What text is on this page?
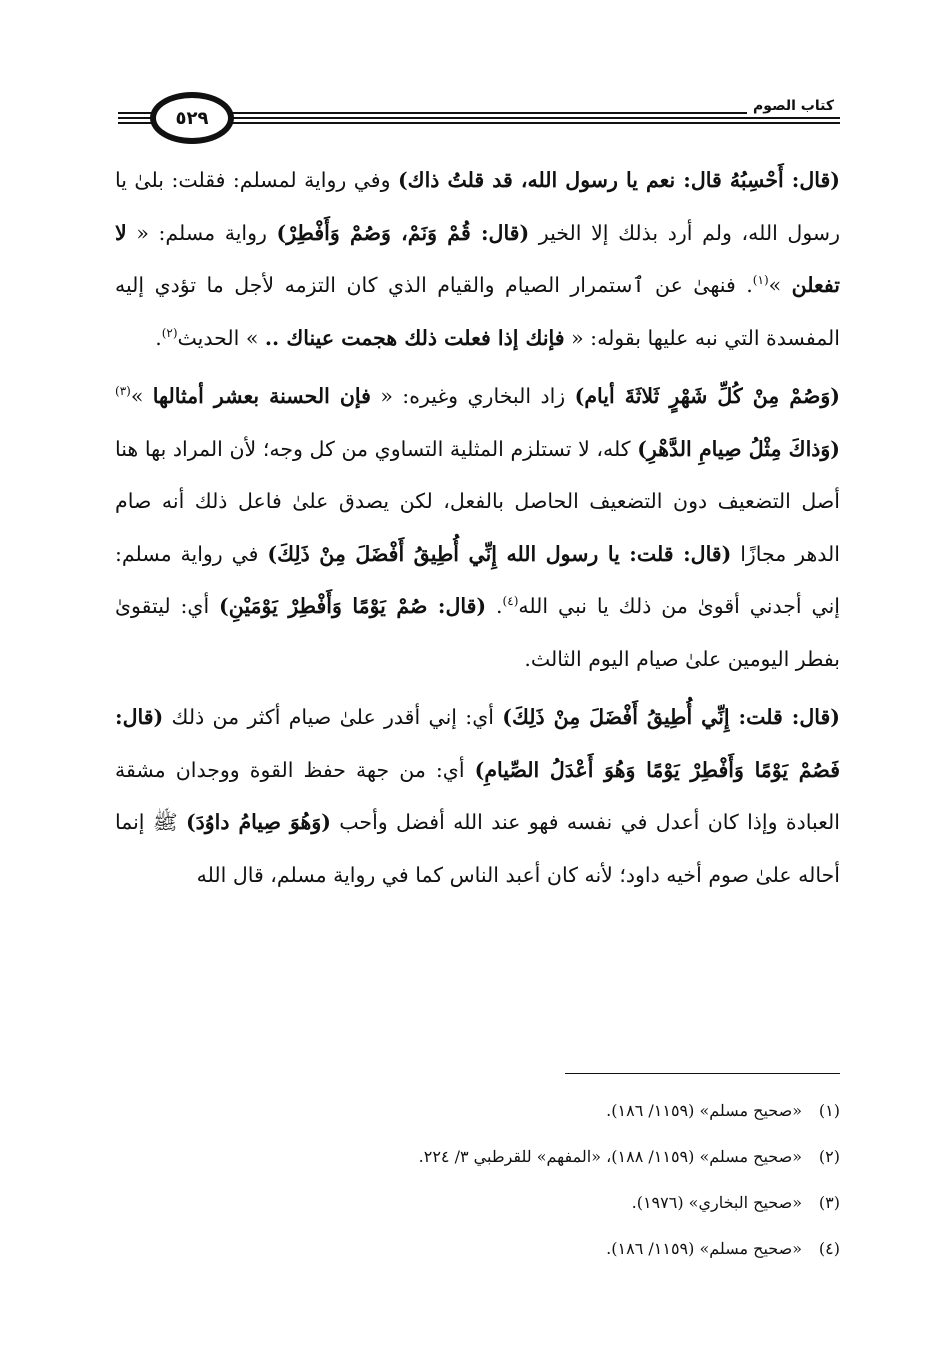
٥٢٩
كتاب الصوم

(قال: أَحْسِبُهُ قال: نعم يا رسول الله، قد قلتُ ذاك) وفي رواية لمسلم: فقلت: بلىٰ يا رسول الله، ولم أرد بذلك إلا الخير (قال: قُمْ وَنَمْ، وَصُمْ وَأَفْطِرْ) رواية مسلم: « لا تفعلن »$^{(١)}$. فنهىٰ عن ٱستمرار الصيام والقيام الذي كان التزمه لأجل ما تؤدي إليه المفسدة التي نبه عليها بقوله: « فإنك إذا فعلت ذلك هجمت عيناك .. » الحديث$^{(٢)}$.

(وَصُمْ مِنْ كُلِّ شَهْرٍ ثَلاثَةَ أيام) زاد البخاري وغيره: « فإن الحسنة بعشر أمثالها »$^{(٣)}$ (وَذاكَ مِثْلُ صِيامِ الدَّهْرِ) كله، لا تستلزم المثلية التساوي من كل وجه؛ لأن المراد بها هنا أصل التضعيف دون التضعيف الحاصل بالفعل، لكن يصدق علىٰ فاعل ذلك أنه صام الدهر مجازًا (قال: قلت: يا رسول الله إِنِّي أُطِيقُ أَفْضَلَ مِنْ ذَلِكَ) في رواية مسلم: إني أجدني أقوىٰ من ذلك يا نبي الله$^{(٤)}$. (قال: صُمْ يَوْمًا وَأَفْطِرْ يَوْمَيْنِ) أي: ليتقوىٰ بفطر اليومين علىٰ صيام اليوم الثالث.

(قال: قلت: إِنِّي أُطِيقُ أَفْضَلَ مِنْ ذَلِكَ) أي: إني أقدر علىٰ صيام أكثر من ذلك (قال: فَصُمْ يَوْمًا وَأَفْطِرْ يَوْمًا وَهُوَ أَعْدَلُ الصِّيامِ) أي: من جهة حفظ القوة ووجدان مشقة العبادة وإذا كان أعدل في نفسه فهو عند الله أفضل وأحب (وَهُوَ صِيامُ داوُدَ) ﷺ إنما أحاله علىٰ صوم أخيه داود؛ لأنه كان أعبد الناس كما في رواية مسلم، قال الله

(١)«صحيح مسلم» (١١٥٩/ ١٨٦).
(٢)«صحيح مسلم» (١١٥٩/ ١٨٨)، «المفهم» للقرطبي ٣/ ٢٢٤.
(٣)«صحيح البخاري» (١٩٧٦).
(٤)«صحيح مسلم» (١١٥٩/ ١٨٦).
